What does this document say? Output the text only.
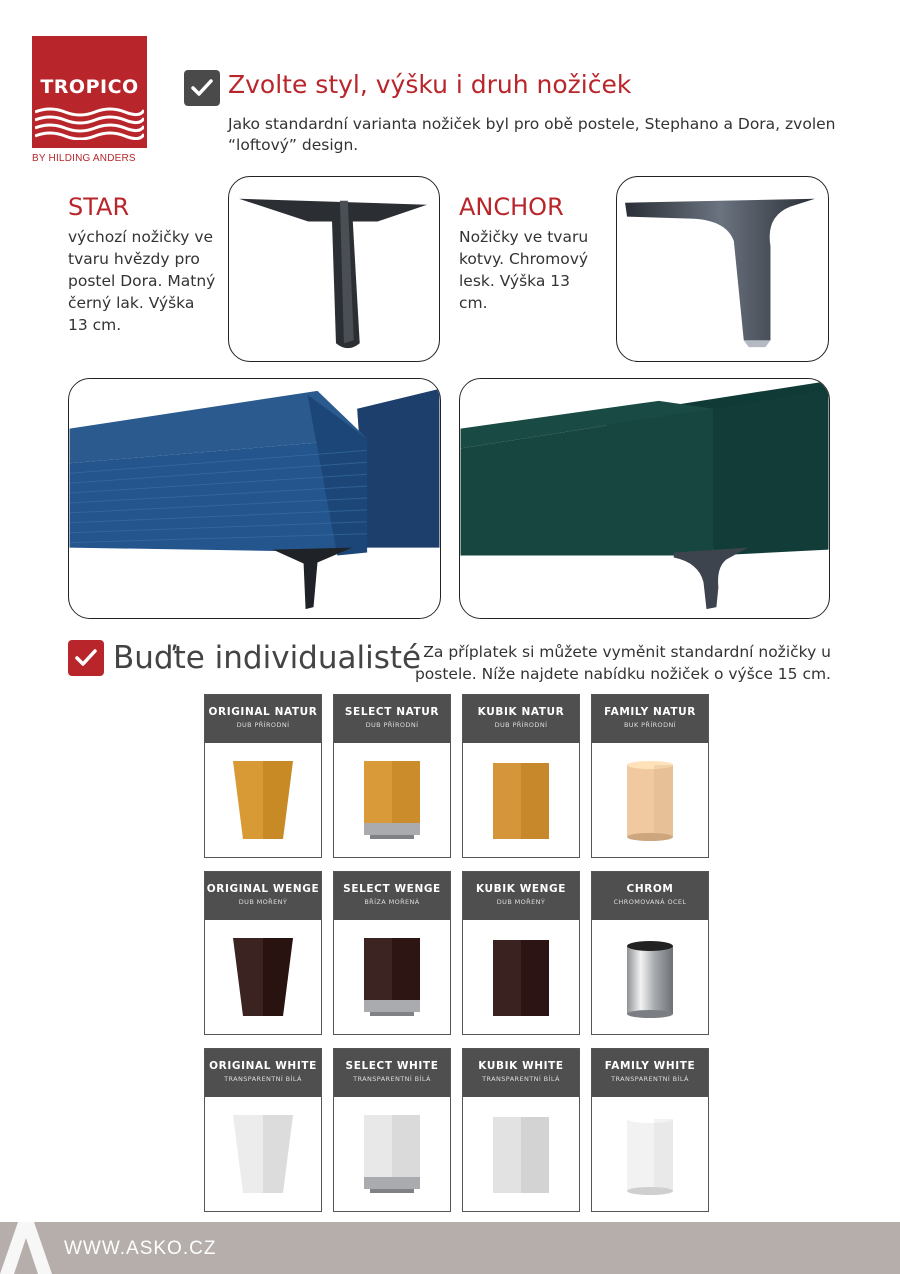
TROPICO
BY HILDING ANDERS
Zvolte styl, výšku i druh nožiček
Jako standardní varianta nožiček byl pro obě postele, Stephano a Dora, zvolen “loftový” design.
STAR
výchozí nožičky ve tvaru hvězdy pro postel Dora. Matný černý lak. Výška 13 cm.
ANCHOR
Nožičky ve tvaru kotvy. Chromový lesk. Výška 13 cm.
Buďte individualisté Za příplatek si můžete vyměnit standardní nožičky u postele. Níže najdete nabídku nožiček o výšce 15 cm.
ORIGINAL NATUR
DUB PŘÍRODNÍ
SELECT NATUR
DUB PŘÍRODNÍ
KUBIK NATUR
DUB PŘÍRODNÍ
FAMILY NATUR
BUK PŘÍRODNÍ
ORIGINAL WENGE
DUB MOŘENÝ
SELECT WENGE
BŘÍZA MOŘENÁ
KUBIK WENGE
DUB MOŘENÝ
CHROM
CHROMOVANÁ OCEL
ORIGINAL WHITE
TRANSPARENTNÍ BÍLÁ
SELECT WHITE
TRANSPARENTNÍ BÍLÁ
KUBIK WHITE
TRANSPARENTNÍ BÍLÁ
FAMILY WHITE
TRANSPARENTNÍ BÍLÁ
WWW.ASKO.CZ
